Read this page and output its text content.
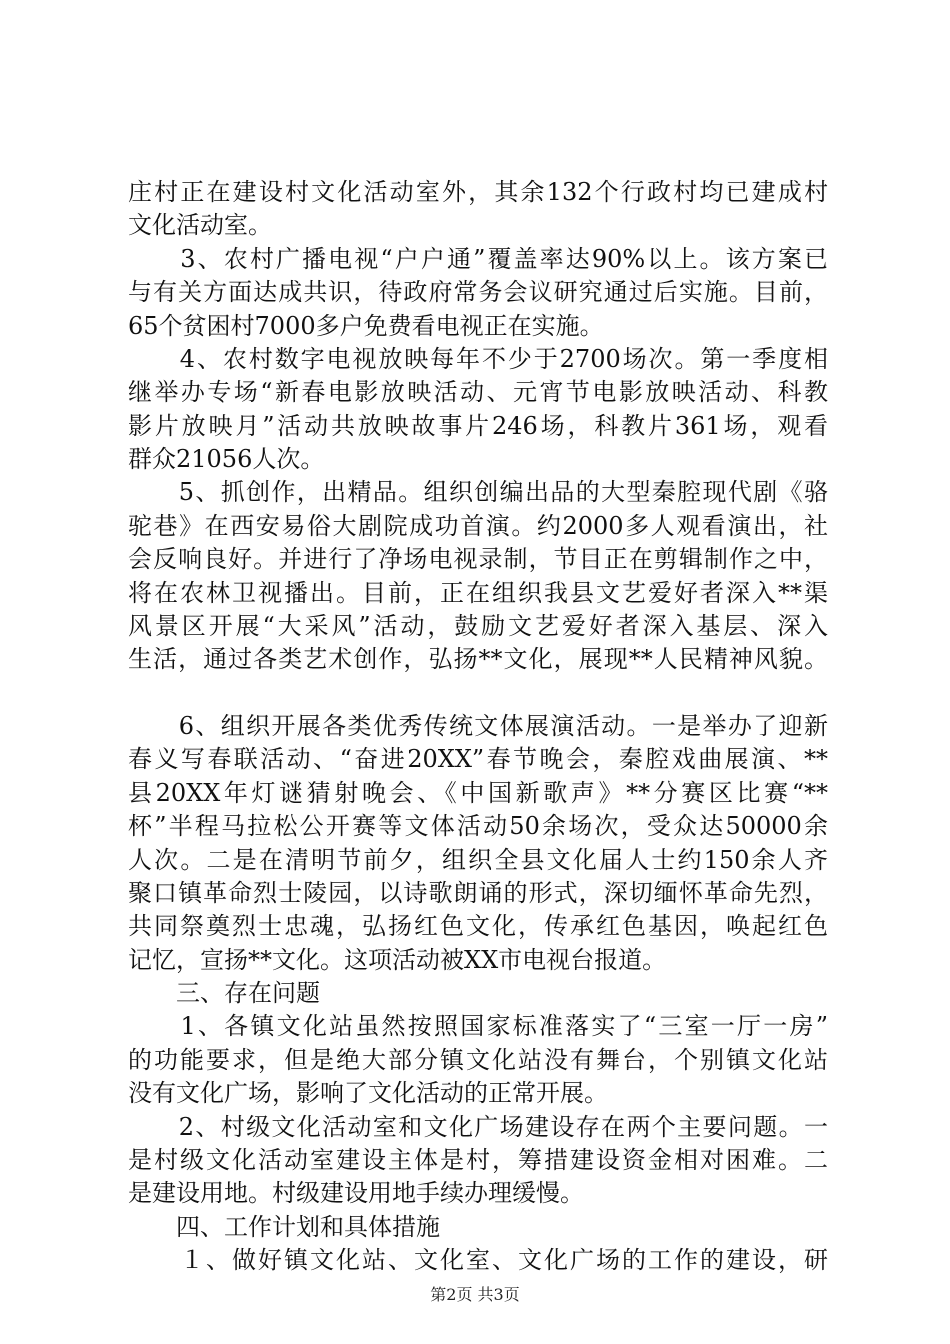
庄村正在建设村文化活动室外，其余132个行政村均已建成村
文化活动室。
　　3、农村广播电视“户户通”覆盖率达90%以上。该方案已
与有关方面达成共识，待政府常务会议研究通过后实施。目前，
65个贫困村7000多户免费看电视正在实施。
　　4、农村数字电视放映每年不少于2700场次。第一季度相
继举办专场“新春电影放映活动、元宵节电影放映活动、科教
影片放映月”活动共放映故事片246场，科教片361场，观看
群众21056人次。
　　5、抓创作，出精品。组织创编出品的大型秦腔现代剧《骆
驼巷》在西安易俗大剧院成功首演。约2000多人观看演出，社
会反响良好。并进行了净场电视录制，节目正在剪辑制作之中，
将在农林卫视播出。目前，正在组织我县文艺爱好者深入**渠
风景区开展“大采风”活动，鼓励文艺爱好者深入基层、深入
生活，通过各类艺术创作，弘扬**文化，展现**人民精神风貌。
　　6、组织开展各类优秀传统文体展演活动。一是举办了迎新
春义写春联活动、“奋进20XX”春节晚会，秦腔戏曲展演、**
县20XX年灯谜猜射晚会、《中国新歌声》**分赛区比赛“**
杯”半程马拉松公开赛等文体活动50余场次，受众达50000余
人次。二是在清明节前夕，组织全县文化届人士约150余人齐
聚口镇革命烈士陵园，以诗歌朗诵的形式，深切缅怀革命先烈，
共同祭奠烈士忠魂，弘扬红色文化，传承红色基因，唤起红色
记忆，宣扬**文化。这项活动被XX市电视台报道。
　　三、存在问题
　　1、各镇文化站虽然按照国家标准落实了“三室一厅一房”
的功能要求，但是绝大部分镇文化站没有舞台，个别镇文化站
没有文化广场，影响了文化活动的正常开展。
　　2、村级文化活动室和文化广场建设存在两个主要问题。一
是村级文化活动室建设主体是村，筹措建设资金相对困难。二
是建设用地。村级建设用地手续办理缓慢。
　　四、工作计划和具体措施
　　１、做好镇文化站、文化室、文化广场的工作的建设，研
第2页 共3页
